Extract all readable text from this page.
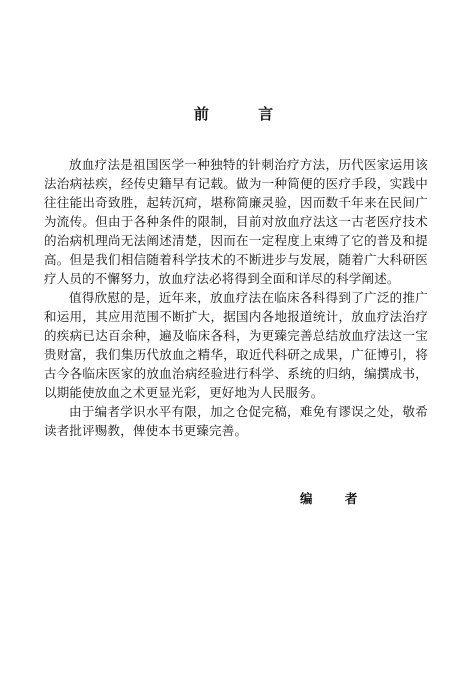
前 言

放血疗法是祖国医学一种独特的针刺治疗方法，历代医家运用该法治病祛疾，经传史籍早有记载。做为一种简便的医疗手段，实践中往往能出奇致胜，起转沉疴，堪称简廉灵验，因而数千年来在民间广为流传。但由于各种条件的限制，目前对放血疗法这一古老医疗技术的治病机理尚无法阐述清楚，因而在一定程度上束缚了它的普及和提高。但是我们相信随着科学技术的不断进步与发展，随着广大科研医疗人员的不懈努力，放血疗法必将得到全面和详尽的科学阐述。

值得欣慰的是，近年来，放血疗法在临床各科得到了广泛的推广和运用，其应用范围不断扩大，据国内各地报道统计，放血疗法治疗的疾病已达百余种，遍及临床各科，为更臻完善总结放血疗法这一宝贵财富，我们集历代放血之精华，取近代科研之成果，广征博引，将古今各临床医家的放血治病经验进行科学、系统的归纳，编撰成书，以期能使放血之术更显光彩，更好地为人民服务。

由于编者学识水平有限，加之仓促完稿，难免有谬误之处，敬希读者批评赐教，俾使本书更臻完善。

编 者
